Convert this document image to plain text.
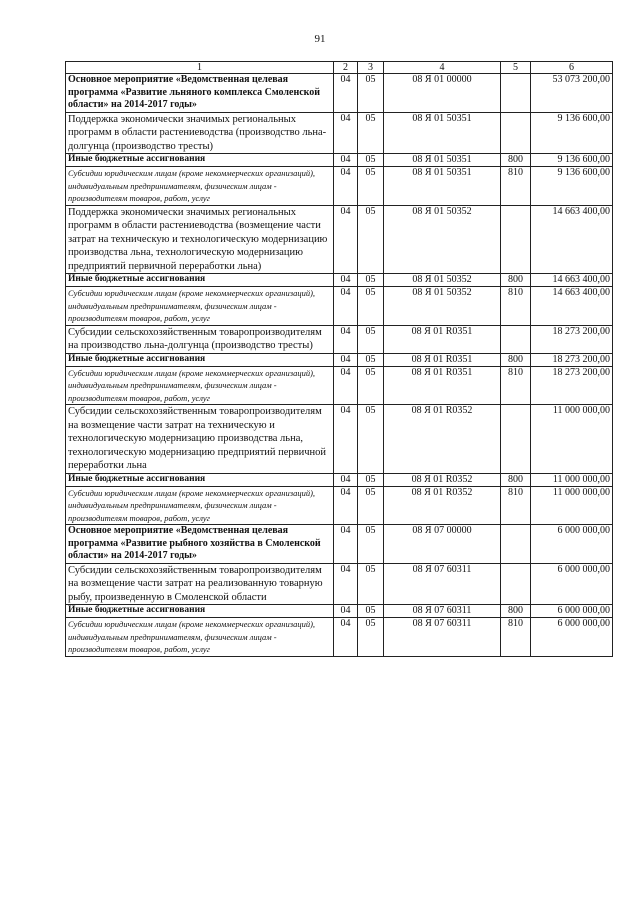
91
1	2	3	4	5	6
Основное мероприятие «Ведомственная целевая программа «Развитие льняного комплекса Смоленской области» на 2014-2017 годы»	04	05	08 Я 01 00000		53 073 200,00
Поддержка экономически значимых региональных программ в области растениеводства (производство льна-долгунца (производство тресты)	04	05	08 Я 01 50351		9 136 600,00
Иные бюджетные ассигнования	04	05	08 Я 01 50351	800	9 136 600,00
Субсидии юридическим лицам (кроме некоммерческих организаций), индивидуальным предпринимателям, физическим лицам - производителям товаров, работ, услуг	04	05	08 Я 01 50351	810	9 136 600,00
Поддержка экономически значимых региональных программ в области растениеводства (возмещение части затрат на техническую и технологическую модернизацию производства льна, технологическую модернизацию предприятий первичной переработки льна)	04	05	08 Я 01 50352		14 663 400,00
Иные бюджетные ассигнования	04	05	08 Я 01 50352	800	14 663 400,00
Субсидии юридическим лицам (кроме некоммерческих организаций), индивидуальным предпринимателям, физическим лицам - производителям товаров, работ, услуг	04	05	08 Я 01 50352	810	14 663 400,00
Субсидии сельскохозяйственным товаропроизводителям на производство льна-долгунца (производство тресты)	04	05	08 Я 01 R0351		18 273 200,00
Иные бюджетные ассигнования	04	05	08 Я 01 R0351	800	18 273 200,00
Субсидии юридическим лицам (кроме некоммерческих организаций), индивидуальным предпринимателям, физическим лицам - производителям товаров, работ, услуг	04	05	08 Я 01 R0351	810	18 273 200,00
Субсидии сельскохозяйственным товаропроизводителям на возмещение части затрат на техническую и технологическую модернизацию производства льна, технологическую модернизацию предприятий первичной переработки льна	04	05	08 Я 01 R0352		11 000 000,00
Иные бюджетные ассигнования	04	05	08 Я 01 R0352	800	11 000 000,00
Субсидии юридическим лицам (кроме некоммерческих организаций), индивидуальным предпринимателям, физическим лицам - производителям товаров, работ, услуг	04	05	08 Я 01 R0352	810	11 000 000,00
Основное мероприятие «Ведомственная целевая программа «Развитие рыбного хозяйства в Смоленской области» на 2014-2017 годы»	04	05	08 Я 07 00000		6 000 000,00
Субсидии сельскохозяйственным товаропроизводителям на возмещение части затрат на реализованную товарную рыбу, произведенную в Смоленской области	04	05	08 Я 07 60311		6 000 000,00
Иные бюджетные ассигнования	04	05	08 Я 07 60311	800	6 000 000,00
Субсидии юридическим лицам (кроме некоммерческих организаций), индивидуальным предпринимателям, физическим лицам - производителям товаров, работ, услуг	04	05	08 Я 07 60311	810	6 000 000,00
